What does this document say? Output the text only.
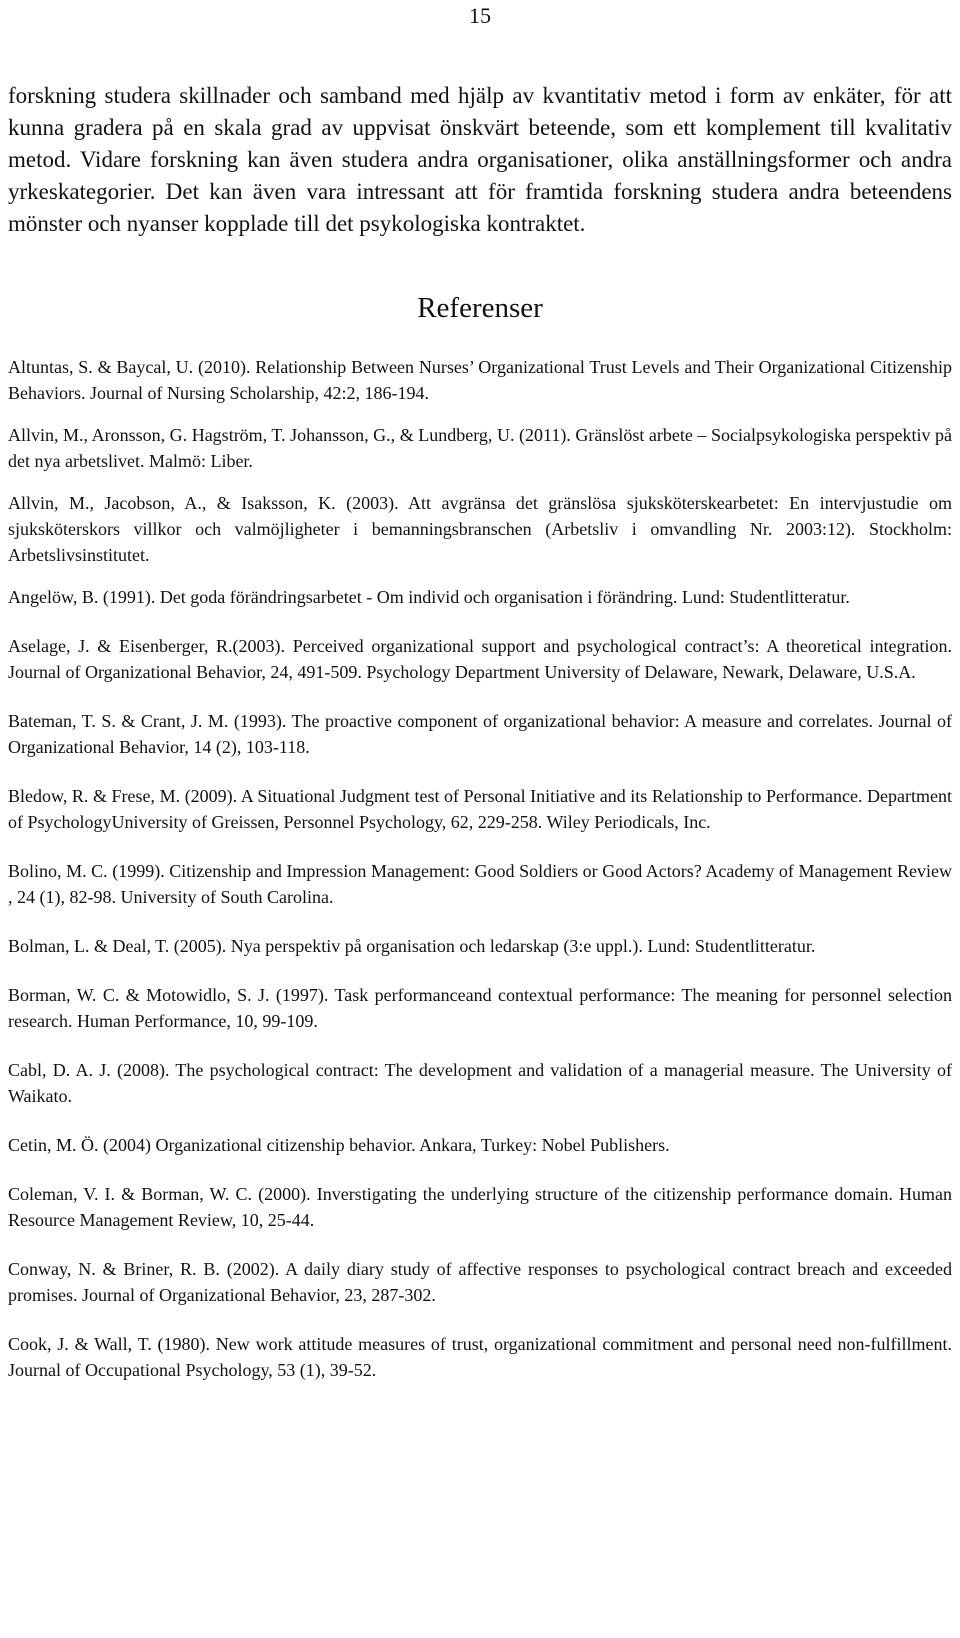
15

forskning studera skillnader och samband med hjälp av kvantitativ metod i form av enkäter, för att kunna gradera på en skala grad av uppvisat önskvärt beteende, som ett komplement till kvalitativ metod. Vidare forskning kan även studera andra organisationer, olika anställningsformer och andra yrkeskategorier. Det kan även vara intressant att för framtida forskning studera andra beteendens mönster och nyanser kopplade till det psykologiska kontraktet.

Referenser

Altuntas, S. & Baycal, U. (2010). Relationship Between Nurses’ Organizational Trust Levels and Their Organizational Citizenship Behaviors. Journal of Nursing Scholarship, 42:2, 186-194.

Allvin, M., Aronsson, G. Hagström, T. Johansson, G., & Lundberg, U. (2011). Gränslöst arbete – Socialpsykologiska perspektiv på det nya arbetslivet. Malmö: Liber.

Allvin, M., Jacobson, A., & Isaksson, K. (2003). Att avgränsa det gränslösa sjuksköterskearbetet: En intervjustudie om sjuksköterskors villkor och valmöjligheter i bemanningsbranschen (Arbetsliv i omvandling Nr. 2003:12). Stockholm: Arbetslivsinstitutet.

Angelöw, B. (1991). Det goda förändringsarbetet - Om individ och organisation i förändring. Lund: Studentlitteratur.

Aselage, J. & Eisenberger, R.(2003). Perceived organizational support and psychological contract’s: A theoretical integration. Journal of Organizational Behavior, 24, 491-509. Psychology Department University of Delaware, Newark, Delaware, U.S.A.

Bateman, T. S. & Crant, J. M. (1993). The proactive component of organizational behavior: A measure and correlates. Journal of Organizational Behavior, 14 (2), 103-118.

Bledow, R. & Frese, M. (2009). A Situational Judgment test of Personal Initiative and its Relationship to Performance. Department of PsychologyUniversity of Greissen, Personnel Psychology, 62, 229-258. Wiley Periodicals, Inc.

Bolino, M. C. (1999). Citizenship and Impression Management: Good Soldiers or Good Actors? Academy of Management Review , 24 (1), 82-98. University of South Carolina.

Bolman, L. & Deal, T. (2005). Nya perspektiv på organisation och ledarskap (3:e uppl.). Lund: Studentlitteratur.

Borman, W. C. & Motowidlo, S. J. (1997). Task performanceand contextual performance: The meaning for personnel selection research. Human Performance, 10, 99-109.

Cabl, D. A. J. (2008). The psychological contract: The development and validation of a managerial measure. The University of Waikato.

Cetin, M. Ö. (2004) Organizational citizenship behavior. Ankara, Turkey: Nobel Publishers.

Coleman, V. I. & Borman, W. C. (2000). Inverstigating the underlying structure of the citizenship performance domain. Human Resource Management Review, 10, 25-44.

Conway, N. & Briner, R. B. (2002). A daily diary study of affective responses to psychological contract breach and exceeded promises. Journal of Organizational Behavior, 23, 287-302.

Cook, J. & Wall, T. (1980). New work attitude measures of trust, organizational commitment and personal need non-fulfillment. Journal of Occupational Psychology, 53 (1), 39-52.
